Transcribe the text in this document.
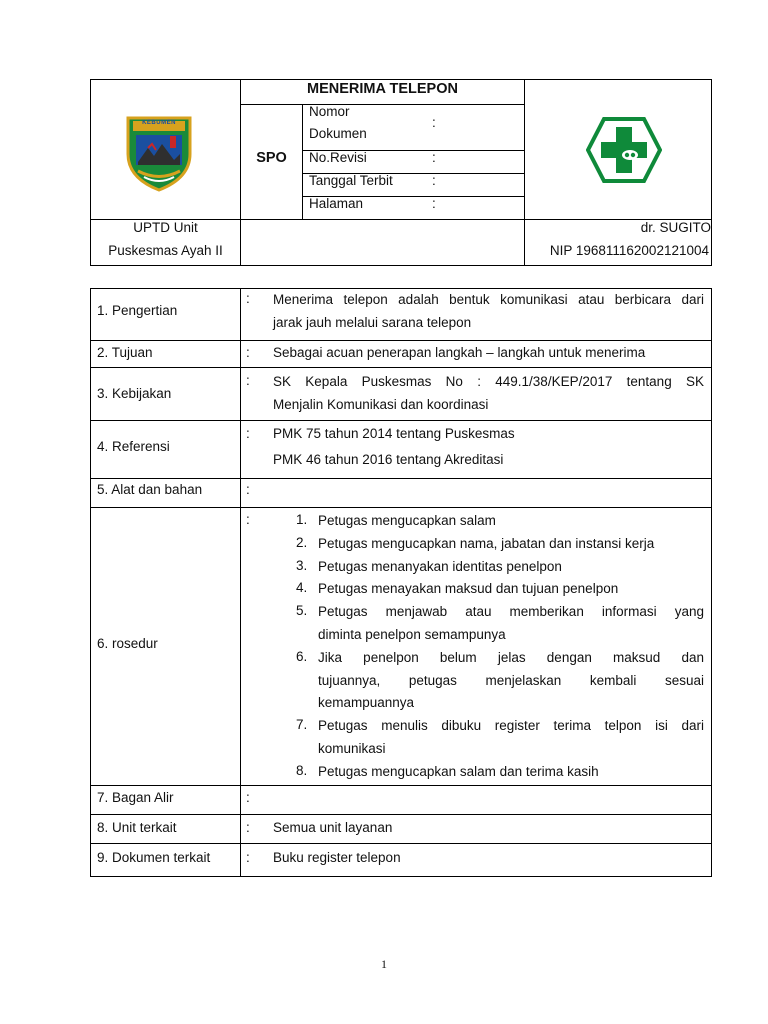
KEBUMEN
MENERIMA TELEPON
SPO
Nomor
Dokumen
:
No.Revisi	:
Tanggal Terbit	:
Halaman	:
UPTD Unit
Puskesmas Ayah II
dr. SUGITO
NIP 196811162002121004
1. Pengertian
: Menerima telepon adalah bentuk komunikasi atau berbicara dari
jarak jauh melalui sarana telepon
2. Tujuan	: Sebagai acuan penerapan langkah – langkah untuk menerima
3. Kebijakan
: SK Kepala Puskesmas No : 449.1/38/KEP/2017 tentang SK
Menjalin Komunikasi dan koordinasi
4. Referensi
: PMK 75 tahun 2014 tentang Puskesmas
PMK 46 tahun 2016 tentang Akreditasi
5. Alat dan bahan	:
6. rosedur
:	1. Petugas mengucapkan salam
2. Petugas mengucapkan nama, jabatan dan instansi kerja
3. Petugas menanyakan identitas penelpon
4. Petugas menayakan maksud dan tujuan penelpon
5. Petugas menjawab atau memberikan informasi yang
diminta penelpon semampunya
6. Jika penelpon belum jelas dengan maksud dan
tujuannya, petugas menjelaskan kembali sesuai
kemampuannya
7. Petugas menulis dibuku register terima telpon isi dari
komunikasi
8. Petugas mengucapkan salam dan terima kasih
7. Bagan Alir	:
8. Unit terkait	: Semua unit layanan
9. Dokumen terkait	: Buku register telepon
1
